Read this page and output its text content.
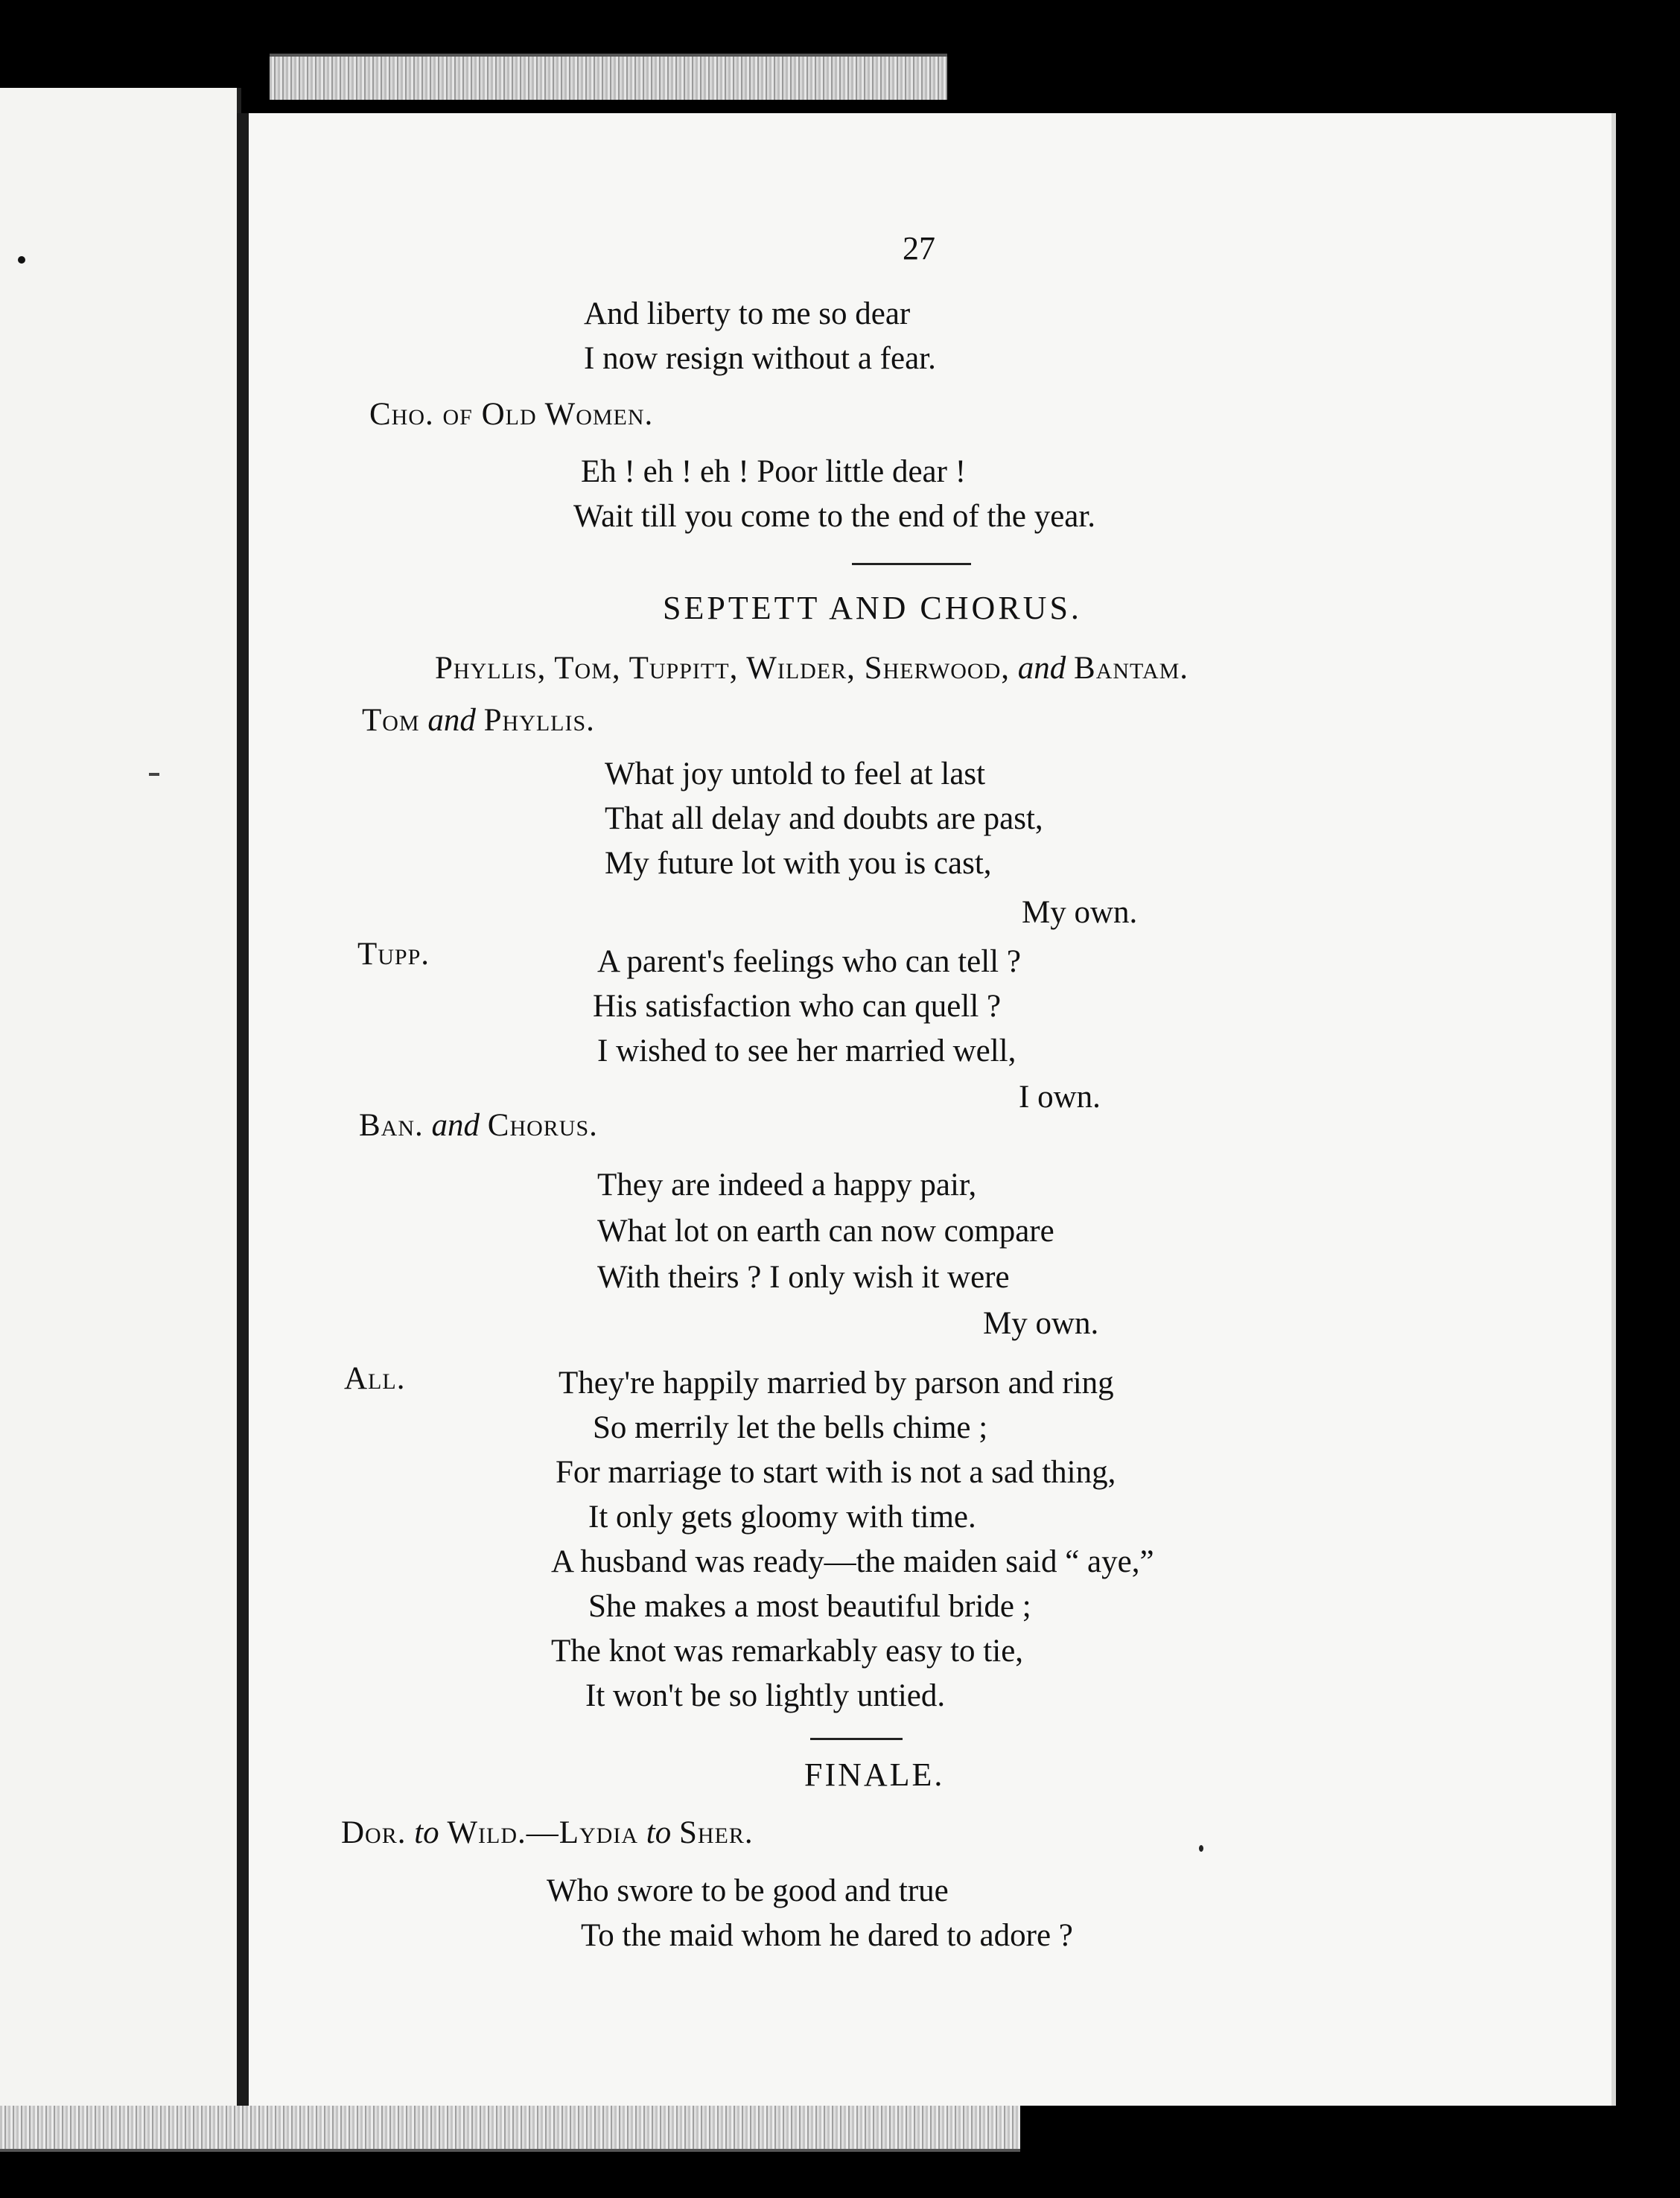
27
And liberty to me so dear
I now resign without a fear.
Cho. of Old Women.
Eh ! eh ! eh ! Poor little dear !
Wait till you come to the end of the year.
SEPTETT AND CHORUS.
Phyllis, Tom, Tuppitt, Wilder, Sherwood, and Bantam.
Tom and Phyllis.
What joy untold to feel at last
That all delay and doubts are past,
My future lot with you is cast,
My own.
Tupp.	A parent's feelings who can tell ?
His satisfaction who can quell ?
I wished to see her married well,
I own.
Ban. and Chorus.
They are indeed a happy pair,
What lot on earth can now compare
With theirs ? I only wish it were
My own.
All.	They're happily married by parson and ring
So merrily let the bells chime ;
For marriage to start with is not a sad thing,
It only gets gloomy with time.
A husband was ready—the maiden said “ aye,”
She makes a most beautiful bride ;
The knot was remarkably easy to tie,
It won't be so lightly untied.
FINALE.
Dor. to Wild.—Lydia to Sher.
Who swore to be good and true
To the maid whom he dared to adore ?
